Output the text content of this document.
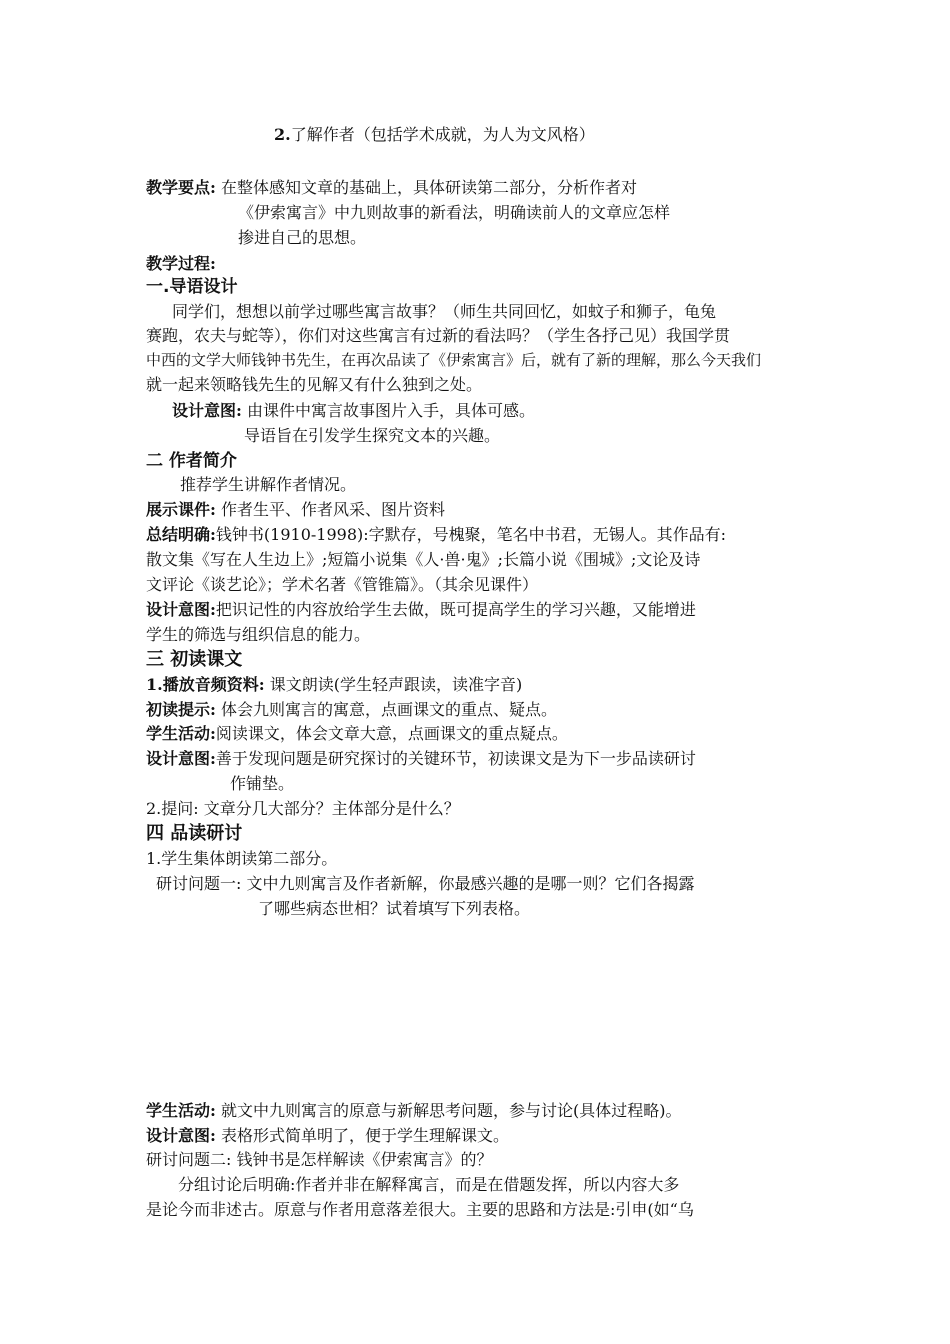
2.了解作者（包括学术成就，为人为文风格）
教学要点: 在整体感知文章的基础上，具体研读第二部分，分析作者对
《伊索寓言》中九则故事的新看法，明确读前人的文章应怎样
掺进自己的思想。
教学过程:
一.导语设计
同学们，想想以前学过哪些寓言故事？（师生共同回忆，如蚊子和狮子，龟兔
赛跑，农夫与蛇等），你们对这些寓言有过新的看法吗？（学生各抒己见）我国学贯
中西的文学大师钱钟书先生，在再次品读了《伊索寓言》后，就有了新的理解，那么今天我们
就一起来领略钱先生的见解又有什么独到之处。
设计意图: 由课件中寓言故事图片入手，具体可感。
导语旨在引发学生探究文本的兴趣。
二 作者简介
推荐学生讲解作者情况。
展示课件: 作者生平、作者风采、图片资料
总结明确:钱钟书(1910-1998):字默存，号槐聚，笔名中书君，无锡人。其作品有:
散文集《写在人生边上》;短篇小说集《人·兽·鬼》;长篇小说《围城》;文论及诗
文评论《谈艺论》；学术名著《管锥篇》。（其余见课件）
设计意图:把识记性的内容放给学生去做，既可提高学生的学习兴趣，又能增进
学生的筛选与组织信息的能力。
三 初读课文
1.播放音频资料: 课文朗读(学生轻声跟读，读准字音)
初读提示: 体会九则寓言的寓意，点画课文的重点、疑点。
学生活动:阅读课文，体会文章大意，点画课文的重点疑点。
设计意图:善于发现问题是研究探讨的关键环节，初读课文是为下一步品读研讨
作铺垫。
2.提问: 文章分几大部分？主体部分是什么？
四 品读研讨
1.学生集体朗读第二部分。
研讨问题一: 文中九则寓言及作者新解，你最感兴趣的是哪一则？它们各揭露
了哪些病态世相？试着填写下列表格。
学生活动: 就文中九则寓言的原意与新解思考问题，参与讨论(具体过程略)。
设计意图: 表格形式简单明了，便于学生理解课文。
研讨问题二: 钱钟书是怎样解读《伊索寓言》的？
分组讨论后明确:作者并非在解释寓言，而是在借题发挥，所以内容大多
是论今而非述古。原意与作者用意落差很大。主要的思路和方法是:引申(如“乌
